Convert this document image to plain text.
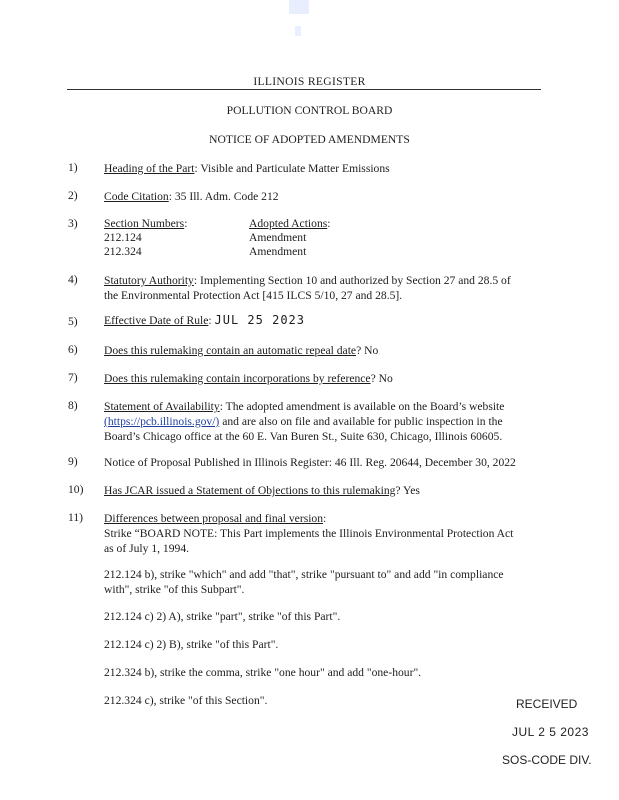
ILLINOIS REGISTER
POLLUTION CONTROL BOARD
NOTICE OF ADOPTED AMENDMENTS
1) Heading of the Part: Visible and Particulate Matter Emissions
2) Code Citation: 35 Ill. Adm. Code 212
3) Section Numbers:	Adopted Actions:
212.124	Amendment
212.324	Amendment
4) Statutory Authority: Implementing Section 10 and authorized by Section 27 and 28.5 of
the Environmental Protection Act [415 ILCS 5/10, 27 and 28.5].
5) Effective Date of Rule: JUL 25 2023
6) Does this rulemaking contain an automatic repeal date? No
7) Does this rulemaking contain incorporations by reference? No
8) Statement of Availability: The adopted amendment is available on the Board’s website
(https://pcb.illinois.gov/) and are also on file and available for public inspection in the
Board’s Chicago office at the 60 E. Van Buren St., Suite 630, Chicago, Illinois 60605.
9) Notice of Proposal Published in Illinois Register: 46 Ill. Reg. 20644, December 30, 2022
10) Has JCAR issued a Statement of Objections to this rulemaking? Yes
11) Differences between proposal and final version:
Strike “BOARD NOTE: This Part implements the Illinois Environmental Protection Act
as of July 1, 1994.
212.124 b), strike "which" and add "that", strike "pursuant to" and add "in compliance
with", strike "of this Subpart".
212.124 c) 2) A), strike "part", strike "of this Part".
212.124 c) 2) B), strike "of this Part".
212.324 b), strike the comma, strike "one hour" and add "one-hour".
212.324 c), strike "of this Section".	RECEIVED
JUL 2 5 2023
SOS-CODE DIV.
